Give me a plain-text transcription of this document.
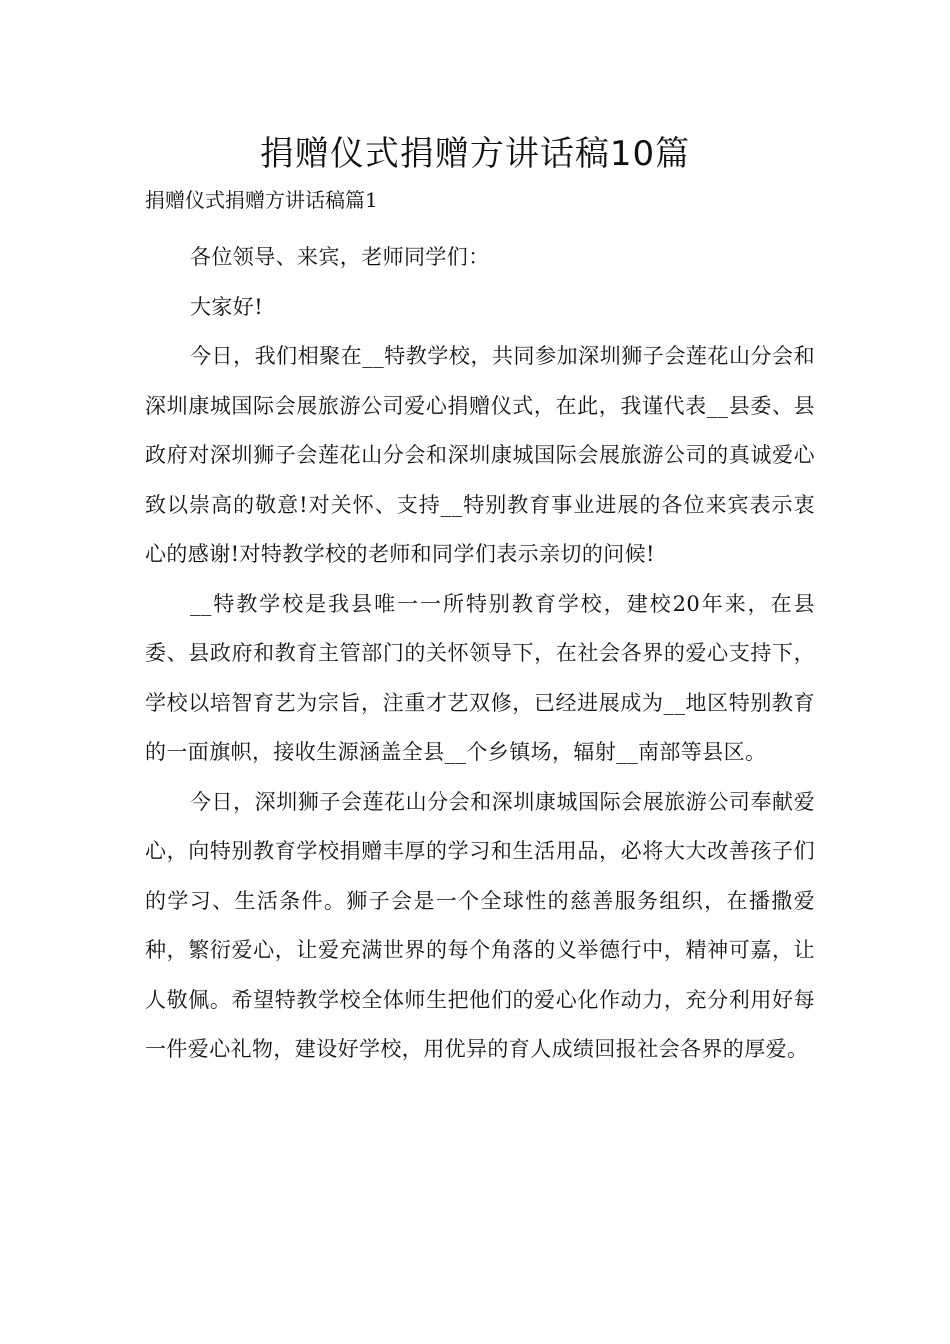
捐赠仪式捐赠方讲话稿10篇

捐赠仪式捐赠方讲话稿篇1

各位领导、来宾，老师同学们：

大家好!

今日，我们相聚在__特教学校，共同参加深圳狮子会莲花山分会和深圳康城国际会展旅游公司爱心捐赠仪式，在此，我谨代表__县委、县政府对深圳狮子会莲花山分会和深圳康城国际会展旅游公司的真诚爱心致以崇高的敬意!对关怀、支持__特别教育事业进展的各位来宾表示衷心的感谢!对特教学校的老师和同学们表示亲切的问候!

__特教学校是我县唯一一所特别教育学校，建校20年来，在县委、县政府和教育主管部门的关怀领导下，在社会各界的爱心支持下，学校以培智育艺为宗旨，注重才艺双修，已经进展成为__地区特别教育的一面旗帜，接收生源涵盖全县__个乡镇场，辐射__南部等县区。

今日，深圳狮子会莲花山分会和深圳康城国际会展旅游公司奉献爱心，向特别教育学校捐赠丰厚的学习和生活用品，必将大大改善孩子们的学习、生活条件。狮子会是一个全球性的慈善服务组织，在播撒爱种，繁衍爱心，让爱充满世界的每个角落的义举德行中，精神可嘉，让人敬佩。希望特教学校全体师生把他们的爱心化作动力，充分利用好每一件爱心礼物，建设好学校，用优异的育人成绩回报社会各界的厚爱。
